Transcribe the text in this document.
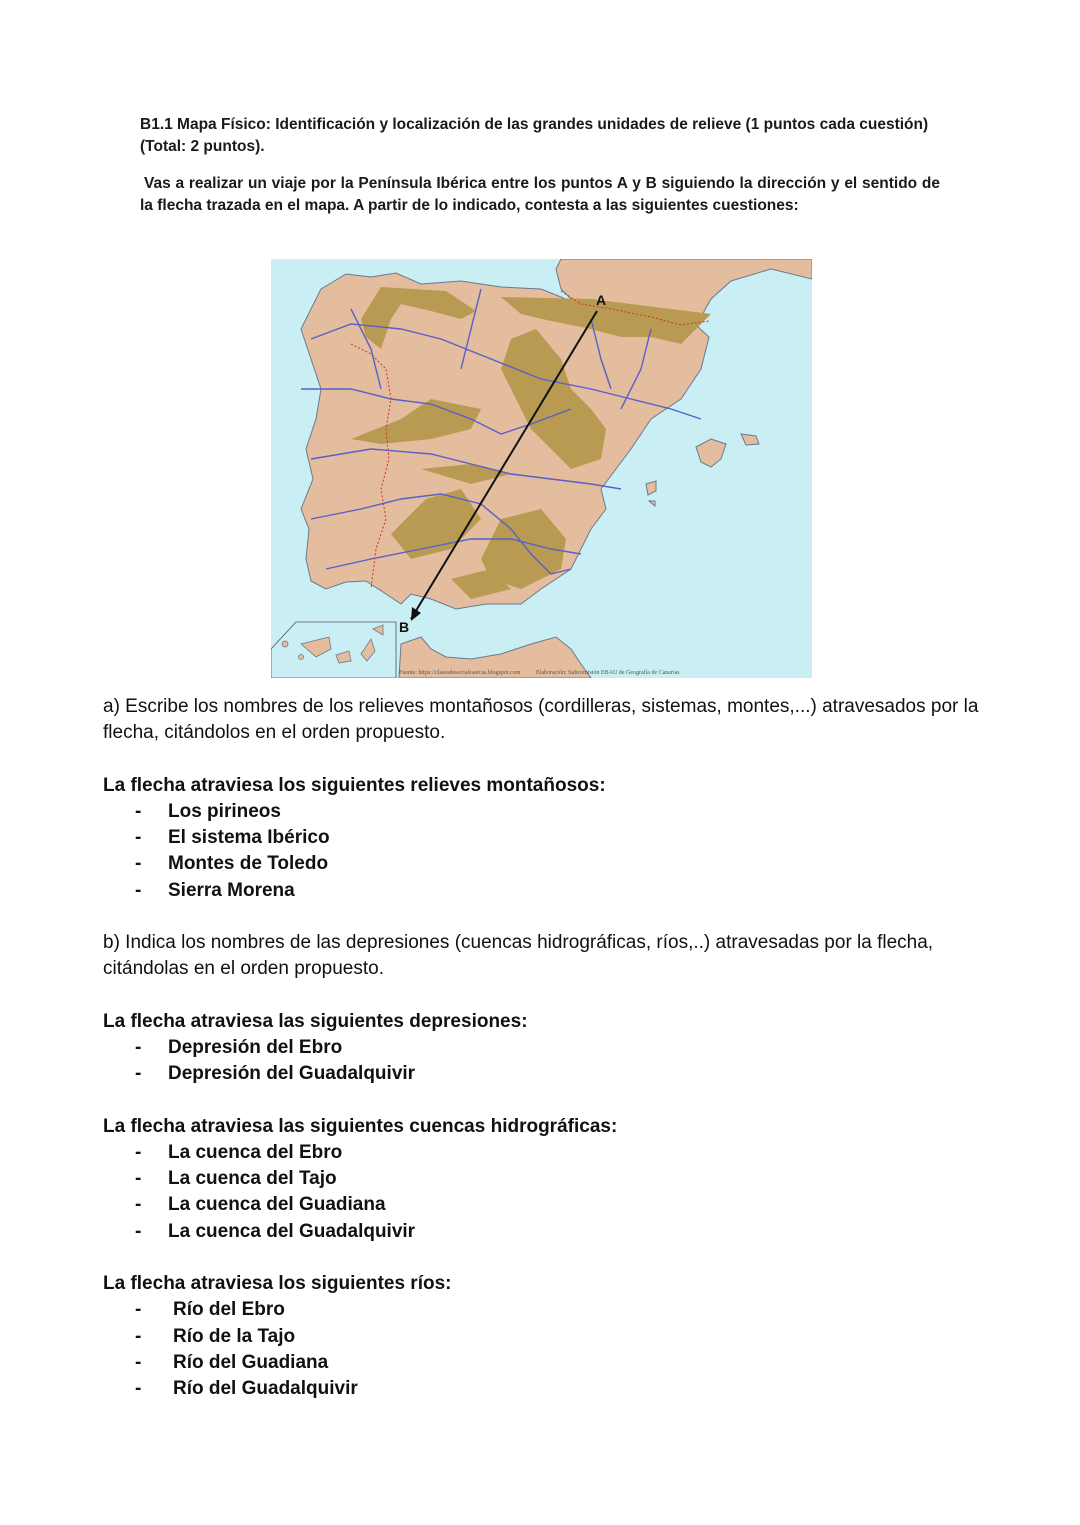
B1.1 Mapa Físico: Identificación y localización de las grandes unidades de relieve (1 puntos cada cuestión) (Total: 2 puntos).

Vas a realizar un viaje por la Península Ibérica entre los puntos A y B siguiendo la dirección y el sentido de la flecha trazada en el mapa. A partir de lo indicado, contesta a las siguientes cuestiones:

A
B
Fuente: https://clasesdesocialesarcas.blogspot.com	Elaboración: Subcomisión EBAU de Geografía de Canarias

a) Escribe los nombres de los relieves montañosos (cordilleras, sistemas, montes,...) atravesados por la flecha, citándolos en el orden propuesto.

La flecha atraviesa los siguientes relieves montañosos:

- Los pirineos
- El sistema Ibérico
- Montes de Toledo
- Sierra Morena

b) Indica los nombres de las depresiones (cuencas hidrográficas, ríos,..) atravesadas por la flecha, citándolas en el orden propuesto.

La flecha atraviesa las siguientes depresiones:

- Depresión del Ebro
- Depresión del Guadalquivir

La flecha atraviesa las siguientes cuencas hidrográficas:

- La cuenca del Ebro
- La cuenca del Tajo
- La cuenca del Guadiana
- La cuenca del Guadalquivir

La flecha atraviesa los siguientes ríos:

- Río del Ebro
- Río de la Tajo
- Río del Guadiana
- Río del Guadalquivir
